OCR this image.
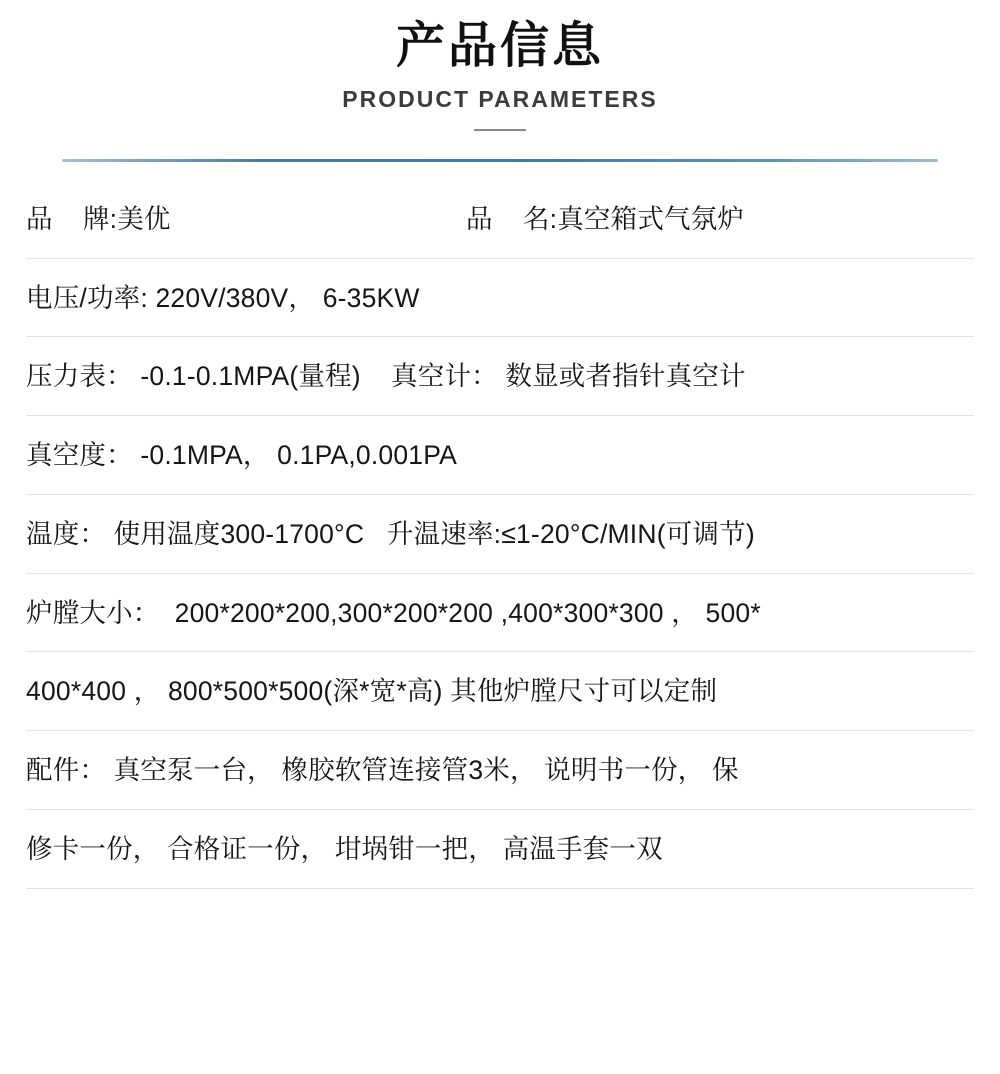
产品信息
PRODUCT PARAMETERS
品    牌:美优	品    名:真空箱式气氛炉
电压/功率: 220V/380V， 6-35KW
压力表： -0.1-0.1MPA(量程)    真空计： 数显或者指针真空计
真空度： -0.1MPA， 0.1PA,0.001PA
温度： 使用温度300-1700°C   升温速率:≤1-20°C/MIN(可调节)
炉膛大小：  200*200*200,300*200*200 ,400*300*300 ， 500*
400*400 ， 800*500*500(深*宽*高) 其他炉膛尺寸可以定制
配件： 真空泵一台， 橡胶软管连接管3米， 说明书一份， 保
修卡一份， 合格证一份， 坩埚钳一把， 高温手套一双
